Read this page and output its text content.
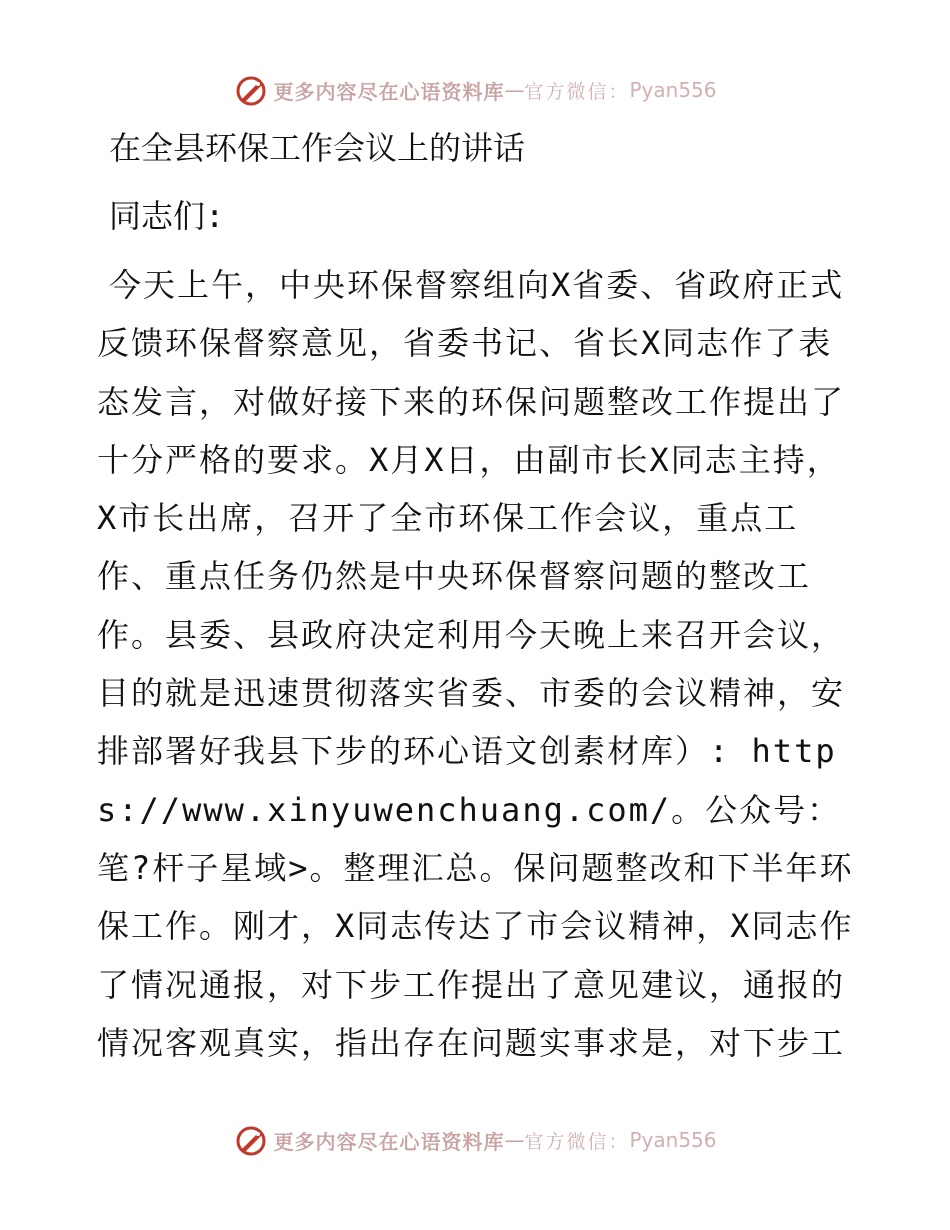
更多内容尽在心语资料库 — 官方微信： Pyan556
在全县环保工作会议上的讲话

同志们:

今天上午，中央环保督察组向X省委、省政府正式反馈环保督察意见，省委书记、省长X同志作了表态发言，对做好接下来的环保问题整改工作提出了十分严格的要求。X月X日，由副市长X同志主持，X市长出席，召开了全市环保工作会议，重点工作、重点任务仍然是中央环保督察问题的整改工作。县委、县政府决定利用今天晚上来召开会议，目的就是迅速贯彻落实省委、市委的会议精神，安排部署好我县下步的环心语文创素材库）: https://www.xinyuwenchuang.com/。公众号：笔?杆子星域>。整理汇总。保问题整改和下半年环保工作。刚才，X同志传达了市会议精神，X同志作了情况通报，对下步工作提出了意见建议，通报的情况客观真实，指出存在问题实事求是，对下步工

更多内容尽在心语资料库 — 官方微信： Pyan556
